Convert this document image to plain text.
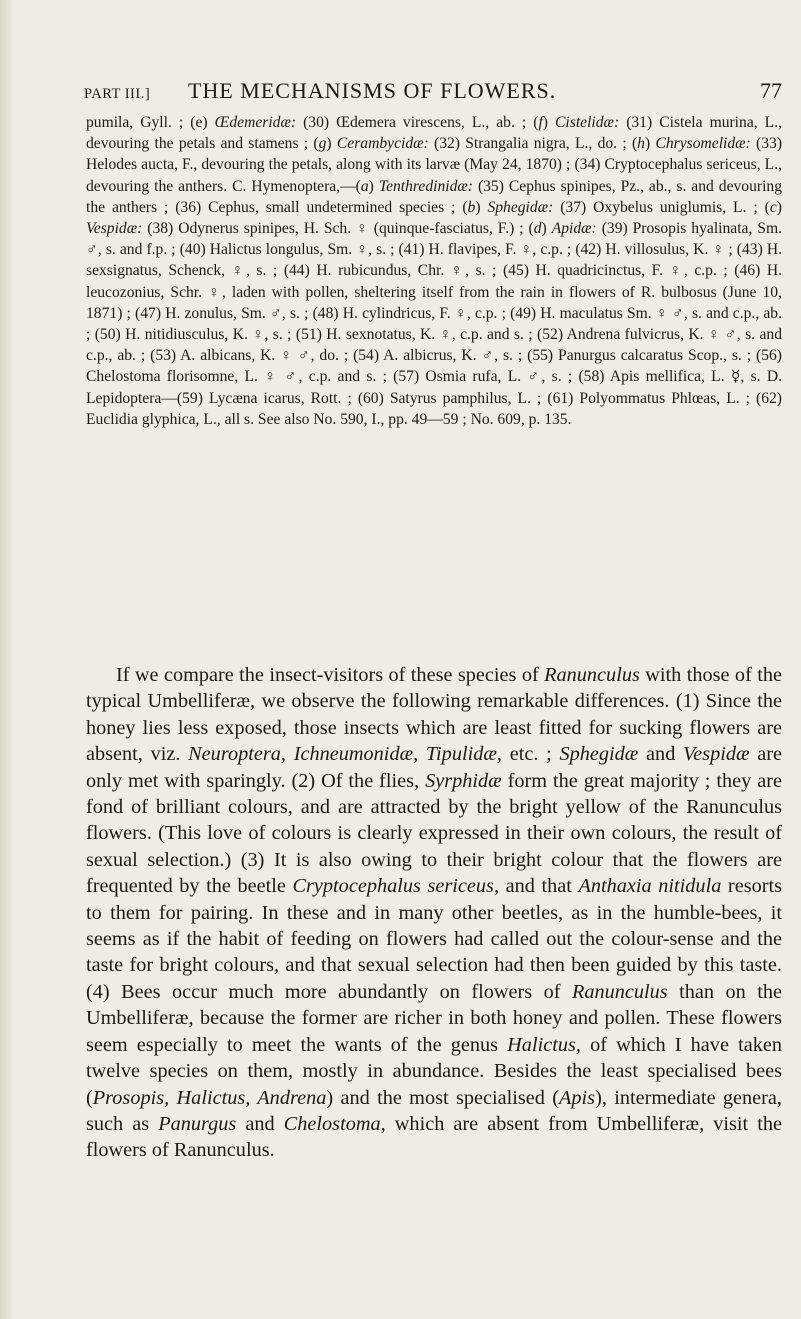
PART III.] THE MECHANISMS OF FLOWERS.	77

pumila, Gyll. ; (e) Œdemeridæ: (30) Œdemera virescens, L., ab. ; (f) Cistelidæ: (31) Cistela murina, L., devouring the petals and stamens ; (g) Cerambycidæ: (32) Strangalia nigra, L., do. ; (h) Chrysomelidæ: (33) Helodes aucta, F., devouring the petals, along with its larvæ (May 24, 1870) ; (34) Cryptocephalus sericeus, L., devouring the anthers. C. Hymenoptera,—(a) Tenthredinidæ: (35) Cephus spinipes, Pz., ab., s. and devouring the anthers ; (36) Cephus, small undetermined species ; (b) Sphegidæ: (37) Oxybelus uniglumis, L. ; (c) Vespidæ: (38) Odynerus spinipes, H. Sch. ♀ (quinque-fasciatus, F.) ; (d) Apidæ: (39) Prosopis hyalinata, Sm. ♂, s. and f.p. ; (40) Halictus longulus, Sm. ♀, s. ; (41) H. flavipes, F. ♀, c.p. ; (42) H. villosulus, K. ♀ ; (43) H. sexsignatus, Schenck, ♀, s. ; (44) H. rubicundus, Chr. ♀, s. ; (45) H. quadricinctus, F. ♀, c.p. ; (46) H. leucozonius, Schr. ♀, laden with pollen, sheltering itself from the rain in flowers of R. bulbosus (June 10, 1871) ; (47) H. zonulus, Sm. ♂, s. ; (48) H. cylindricus, F. ♀, c.p. ; (49) H. maculatus Sm. ♀ ♂, s. and c.p., ab. ; (50) H. nitidiusculus, K. ♀, s. ; (51) H. sexnotatus, K. ♀, c.p. and s. ; (52) Andrena fulvicrus, K. ♀ ♂, s. and c.p., ab. ; (53) A. albicans, K. ♀ ♂, do. ; (54) A. albicrus, K. ♂, s. ; (55) Panurgus calcaratus Scop., s. ; (56) Chelostoma florisomne, L. ♀ ♂, c.p. and s. ; (57) Osmia rufa, L. ♂, s. ; (58) Apis mellifica, L. ☿, s. D. Lepidoptera—(59) Lycæna icarus, Rott. ; (60) Satyrus pamphilus, L. ; (61) Polyommatus Phlœas, L. ; (62) Euclidia glyphica, L., all s. See also No. 590, I., pp. 49—59 ; No. 609, p. 135.

If we compare the insect-visitors of these species of Ranunculus with those of the typical Umbelliferæ, we observe the following remarkable differences. (1) Since the honey lies less exposed, those insects which are least fitted for sucking flowers are absent, viz. Neuroptera, Ichneumonidæ, Tipulidæ, etc. ; Sphegidæ and Vespidæ are only met with sparingly. (2) Of the flies, Syrphidæ form the great majority ; they are fond of brilliant colours, and are attracted by the bright yellow of the Ranunculus flowers. (This love of colours is clearly expressed in their own colours, the result of sexual selection.) (3) It is also owing to their bright colour that the flowers are frequented by the beetle Cryptocephalus sericeus, and that Anthaxia nitidula resorts to them for pairing. In these and in many other beetles, as in the humble-bees, it seems as if the habit of feeding on flowers had called out the colour-sense and the taste for bright colours, and that sexual selection had then been guided by this taste. (4) Bees occur much more abundantly on flowers of Ranunculus than on the Umbelliferæ, because the former are richer in both honey and pollen. These flowers seem especially to meet the wants of the genus Halictus, of which I have taken twelve species on them, mostly in abundance. Besides the least specialised bees (Prosopis, Halictus, Andrena) and the most specialised (Apis), intermediate genera, such as Panurgus and Chelostoma, which are absent from Umbelliferæ, visit the flowers of Ranunculus.
